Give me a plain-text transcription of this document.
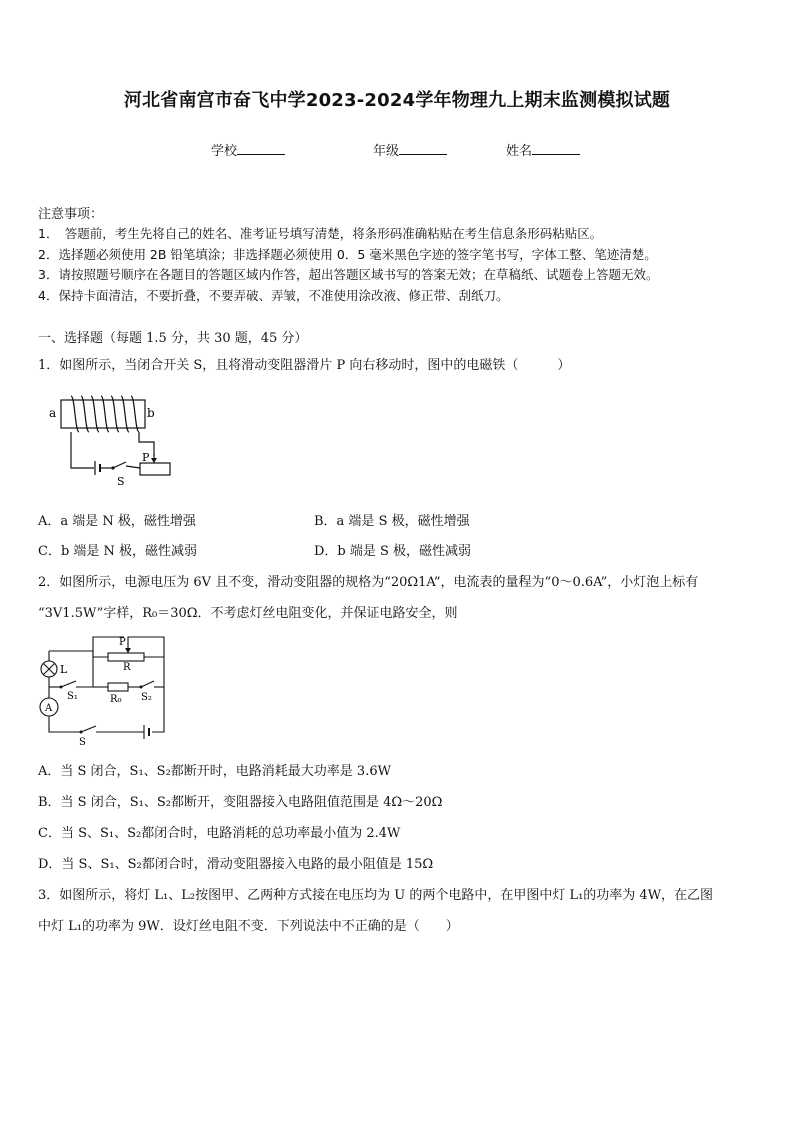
河北省南宫市奋飞中学2023-2024学年物理九上期末监测模拟试题
学校	年级	姓名
注意事项：
1．　答题前，考生先将自己的姓名、准考证号填写清楚，将条形码准确粘贴在考生信息条形码粘贴区。
2．选择题必须使用 2B 铅笔填涂；非选择题必须使用 0．5 毫米黑色字迹的签字笔书写，字体工整、笔迹清楚。
3．请按照题号顺序在各题目的答题区域内作答，超出答题区域书写的答案无效；在草稿纸、试题卷上答题无效。
4．保持卡面清洁，不要折叠，不要弄破、弄皱，不准使用涂改液、修正带、刮纸刀。
一、选择题（每题 1.5 分，共 30 题，45 分）
1．如图所示，当闭合开关 S，且将滑动变阻器滑片 P 向右移动时，图中的电磁铁（　　　）
a	b
P
S
A．a 端是 N 极，磁性增强	B．a 端是 S 极，磁性增强
C．b 端是 N 极，磁性减弱	D．b 端是 S 极，磁性减弱
2．如图所示，电源电压为 6V 且不变，滑动变阻器的规格为“20Ω1A”，电流表的量程为“0～0.6A”，小灯泡上标有
“3V1.5W”字样，R₀＝30Ω．不考虑灯丝电阻变化，并保证电路安全，则
P
R
L
S₁	R₀ S₂
A
S
A．当 S 闭合，S₁、S₂都断开时，电路消耗最大功率是 3.6W
B．当 S 闭合，S₁、S₂都断开，变阻器接入电路阻值范围是 4Ω～20Ω
C．当 S、S₁、S₂都闭合时，电路消耗的总功率最小值为 2.4W
D．当 S、S₁、S₂都闭合时，滑动变阻器接入电路的最小阻值是 15Ω
3．如图所示，将灯 L₁、L₂按图甲、乙两种方式接在电压均为 U 的两个电路中，在甲图中灯 L₁的功率为 4W，在乙图
中灯 L₁的功率为 9W．设灯丝电阻不变．下列说法中不正确的是（　　）
